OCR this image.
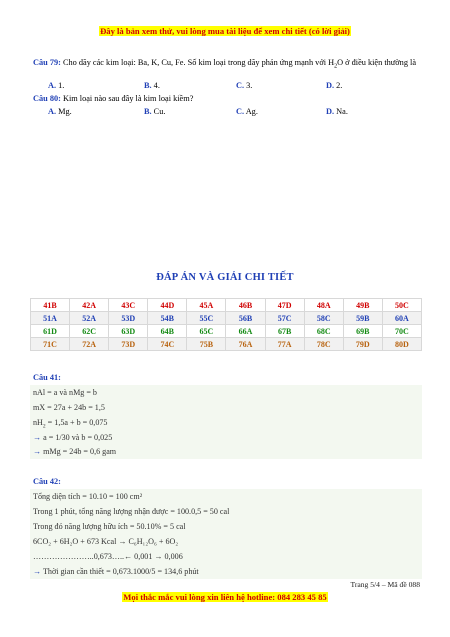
Đây là bản xem thử, vui lòng mua tài liệu để xem chi tiết (có lời giải)
Câu 79: Cho dãy các kim loại: Ba, K, Cu, Fe. Số kim loại trong dãy phản ứng mạnh với $H_2O$ ở điều kiện thường là
A. 1.	B. 4.	C. 3.	D. 2.
Câu 80: Kim loại nào sau đây là kim loại kiềm?
A. Mg.	B. Cu.	C. Ag.	D. Na.
ĐÁP ÁN VÀ GIẢI CHI TIẾT
41B	42A	43C	44D	45A	46B	47D	48A	49B	50C
51A	52A	53D	54B	55C	56B	57C	58C	59B	60A
61D	62C	63D	64B	65C	66A	67B	68C	69B	70C
71C	72A	73D	74C	75B	76A	77A	78C	79D	80D
Câu 41:
nAl = a và nMg = b
mX = 27a + 24b = 1,5
$nH_2 = 1,5a + b = 0,075$
→ a = 1/30 và b = 0,025
→ mMg = 24b = 0,6 gam
Câu 42:
Tổng diện tích = 10.10 = 100 cm²
Trong 1 phút, tổng năng lượng nhận được = 100.0,5 = 50 cal
Trong đó năng lượng hữu ích = 50.10% = 5 cal
6CO₂ + 6H₂O + 673 Kcal → C₆H₁₂O₆ + 6O₂
…………………..0,673…..← 0,001 → 0,006
→ Thời gian cần thiết = 0,673.1000/5 = 134,6 phút
Trang 5/4 – Mã đề 088
Mọi thắc mắc vui lòng xin liên hệ hotline: 084 283 45 85
